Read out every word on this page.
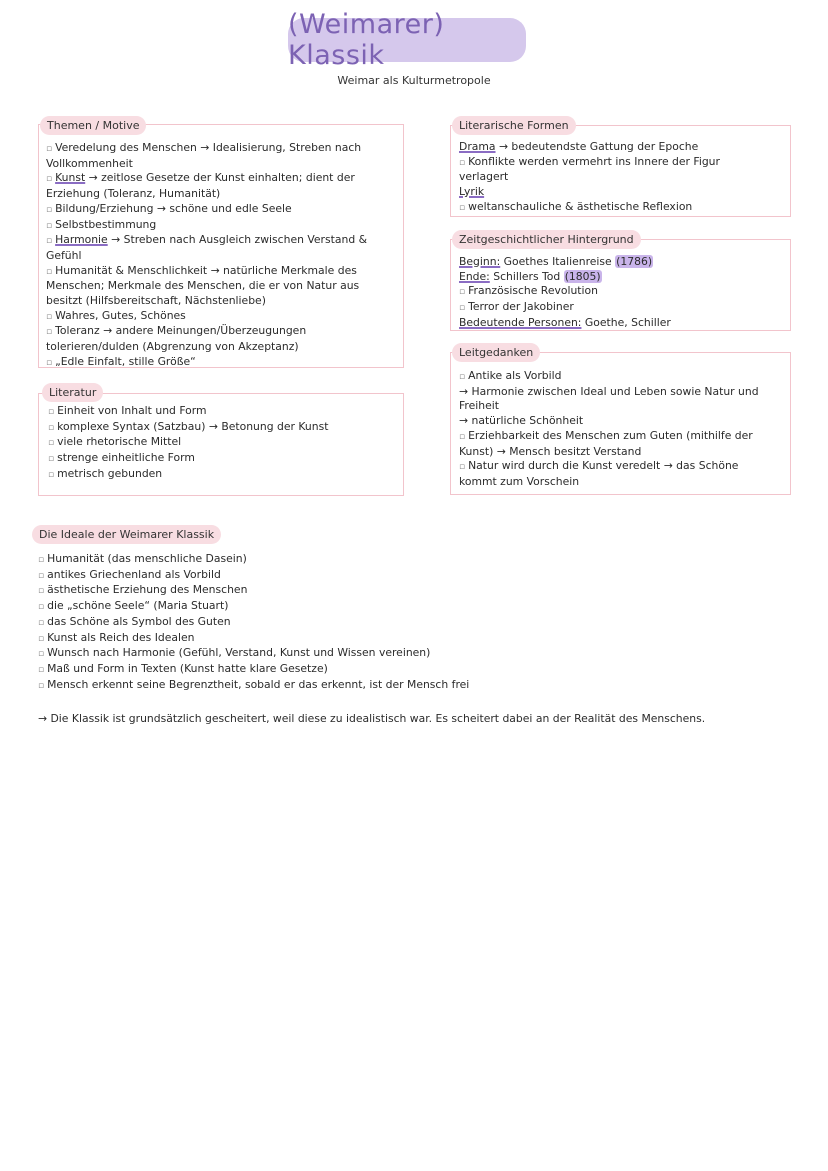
(Weimarer) Klassik
Weimar als Kulturmetropole
Themen / Motive
▫ Veredelung des Menschen → Idealisierung, Streben nach
Vollkommenheit
▫ Kunst → zeitlose Gesetze der Kunst einhalten; dient der
Erziehung (Toleranz, Humanität)
▫ Bildung/Erziehung → schöne und edle Seele
▫ Selbstbestimmung
▫ Harmonie → Streben nach Ausgleich zwischen Verstand &
Gefühl
▫ Humanität & Menschlichkeit → natürliche Merkmale des
Menschen; Merkmale des Menschen, die er von Natur aus
besitzt (Hilfsbereitschaft, Nächstenliebe)
▫ Wahres, Gutes, Schönes
▫ Toleranz → andere Meinungen/Überzeugungen
tolerieren/dulden (Abgrenzung von Akzeptanz)
▫ „Edle Einfalt, stille Größe“
Literatur
▫ Einheit von Inhalt und Form
▫ komplexe Syntax (Satzbau) → Betonung der Kunst
▫ viele rhetorische Mittel
▫ strenge einheitliche Form
▫ metrisch gebunden
Literarische Formen
Drama → bedeutendste Gattung der Epoche
▫ Konflikte werden vermehrt ins Innere der Figur
verlagert
Lyrik
▫ weltanschauliche & ästhetische Reflexion
Zeitgeschichtlicher Hintergrund
Beginn: Goethes Italienreise (1786)
Ende: Schillers Tod (1805)
▫ Französische Revolution
▫ Terror der Jakobiner
Bedeutende Personen: Goethe, Schiller
Leitgedanken
▫ Antike als Vorbild
→ Harmonie zwischen Ideal und Leben sowie Natur und
Freiheit
→ natürliche Schönheit
▫ Erziehbarkeit des Menschen zum Guten (mithilfe der
Kunst) → Mensch besitzt Verstand
▫ Natur wird durch die Kunst veredelt → das Schöne
kommt zum Vorschein
Die Ideale der Weimarer Klassik
▫ Humanität (das menschliche Dasein)
▫ antikes Griechenland als Vorbild
▫ ästhetische Erziehung des Menschen
▫ die „schöne Seele“ (Maria Stuart)
▫ das Schöne als Symbol des Guten
▫ Kunst als Reich des Idealen
▫ Wunsch nach Harmonie (Gefühl, Verstand, Kunst und Wissen vereinen)
▫ Maß und Form in Texten (Kunst hatte klare Gesetze)
▫ Mensch erkennt seine Begrenztheit, sobald er das erkennt, ist der Mensch frei
→ Die Klassik ist grundsätzlich gescheitert, weil diese zu idealistisch war. Es scheitert dabei an der Realität des Menschens.
